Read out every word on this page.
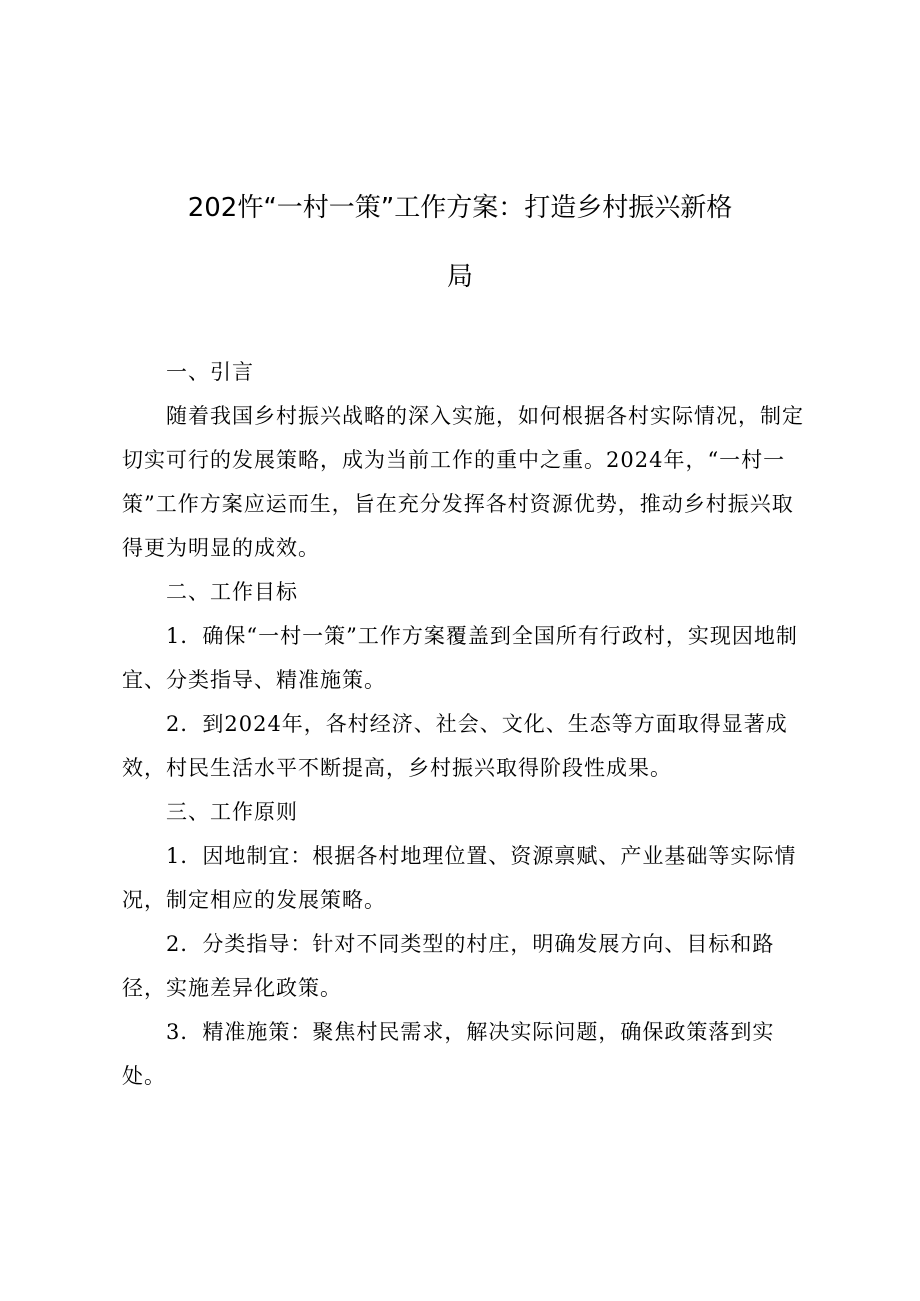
202忤“一村一策”工作方案：打造乡村振兴新格
局

一、引言

随着我国乡村振兴战略的深入实施，如何根据各村实际情况，制定切实可行的发展策略，成为当前工作的重中之重。2024年，“一村一策”工作方案应运而生，旨在充分发挥各村资源优势，推动乡村振兴取得更为明显的成效。

二、工作目标

1．确保“一村一策”工作方案覆盖到全国所有行政村，实现因地制宜、分类指导、精准施策。

2．到2024年，各村经济、社会、文化、生态等方面取得显著成效，村民生活水平不断提高，乡村振兴取得阶段性成果。

三、工作原则

1．因地制宜：根据各村地理位置、资源禀赋、产业基础等实际情况，制定相应的发展策略。

2．分类指导：针对不同类型的村庄，明确发展方向、目标和路径，实施差异化政策。

3．精准施策：聚焦村民需求，解决实际问题，确保政策落到实处。
